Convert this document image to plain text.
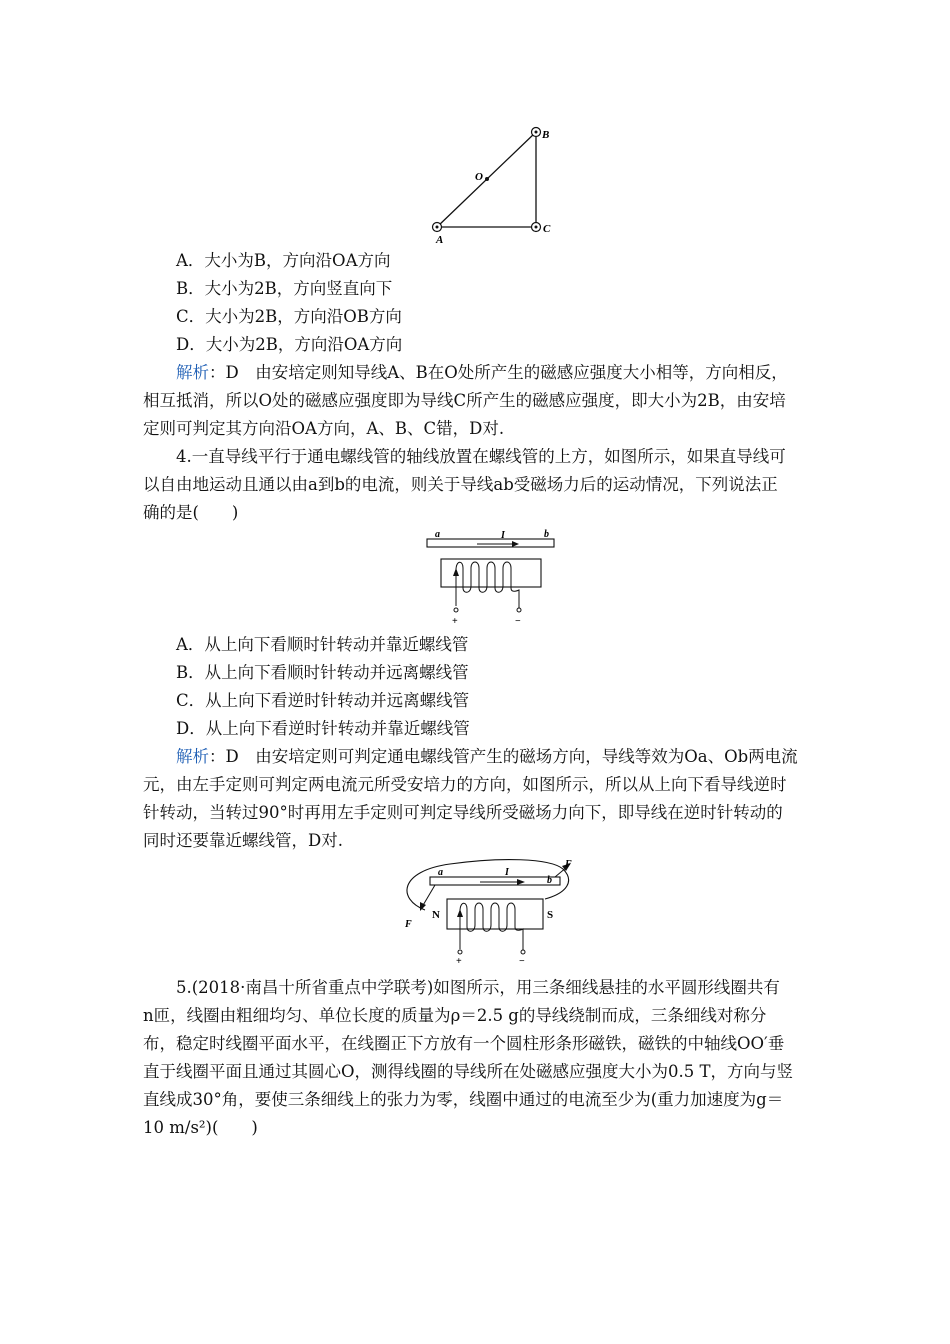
O
A
B
C
A．大小为B，方向沿OA方向
B．大小为2B，方向竖直向下
C．大小为2B，方向沿OB方向
D．大小为2B，方向沿OA方向
解析：D　由安培定则知导线A、B在O处所产生的磁感应强度大小相等，方向相反，
相互抵消，所以O处的磁感应强度即为导线C所产生的磁感应强度，即大小为2B，由安培
定则可判定其方向沿OA方向，A、B、C错，D对.
4.一直导线平行于通电螺线管的轴线放置在螺线管的上方，如图所示，如果直导线可
以自由地运动且通以由a到b的电流，则关于导线ab受磁场力后的运动情况，下列说法正
确的是(　　)
a	I	b
+	−
A．从上向下看顺时针转动并靠近螺线管
B．从上向下看顺时针转动并远离螺线管
C．从上向下看逆时针转动并远离螺线管
D．从上向下看逆时针转动并靠近螺线管
解析：D　由安培定则可判定通电螺线管产生的磁场方向，导线等效为Oa、Ob两电流
元，由左手定则可判定两电流元所受安培力的方向，如图所示，所以从上向下看导线逆时
针转动，当转过90°时再用左手定则可判定导线所受磁场力向下，即导线在逆时针转动的
同时还要靠近螺线管，D对.
a	I
b
F
F
N	S
+	−
5.(2018·南昌十所省重点中学联考)如图所示，用三条细线悬挂的水平圆形线圈共有
n匝，线圈由粗细均匀、单位长度的质量为ρ＝2.5 g的导线绕制而成，三条细线对称分
布，稳定时线圈平面水平，在线圈正下方放有一个圆柱形条形磁铁，磁铁的中轴线OO′垂
直于线圈平面且通过其圆心O，测得线圈的导线所在处磁感应强度大小为0.5 T，方向与竖
直线成30°角，要使三条细线上的张力为零，线圈中通过的电流至少为(重力加速度为g＝
10 m/s²)(　　)
